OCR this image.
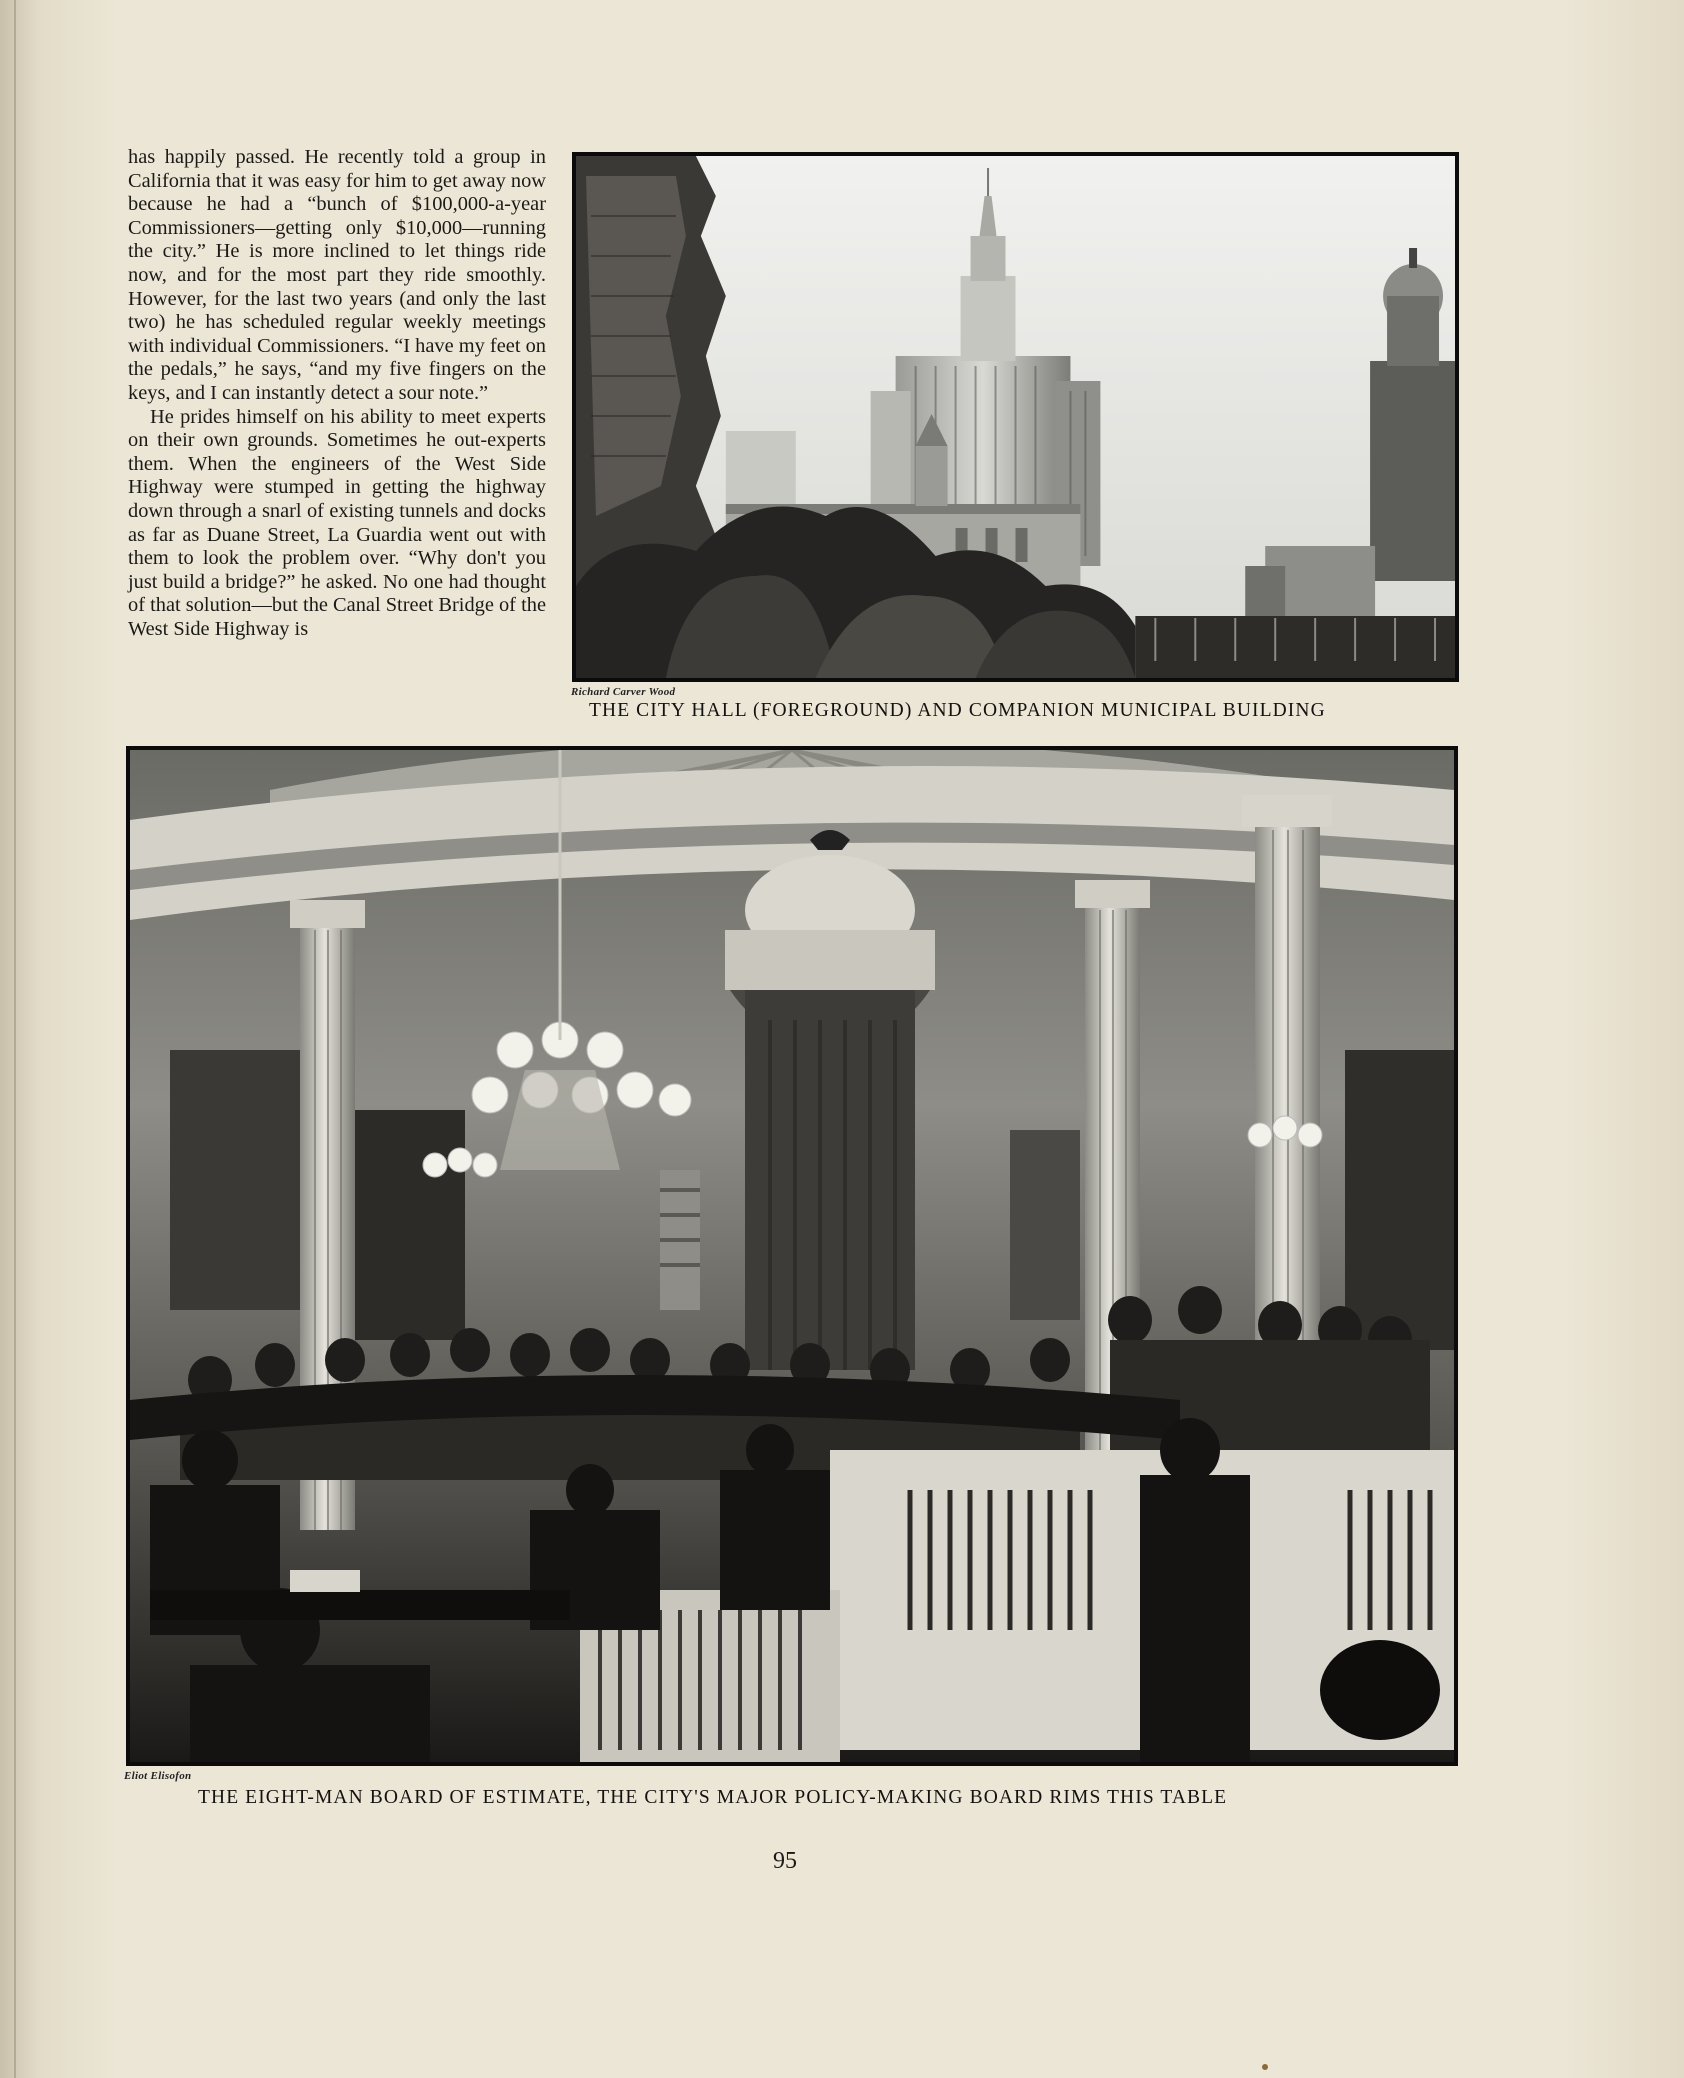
has happily passed. He recently told a group in California that it was easy for him to get away now because he had a “bunch of $100,000-a-year Commissioners—getting only $10,000—running the city.” He is more inclined to let things ride now, and for the most part they ride smoothly. However, for the last two years (and only the last two) he has scheduled regular weekly meetings with individual Commissioners. “I have my feet on the pedals,” he says, “and my five fingers on the keys, and I can instantly detect a sour note.”

He prides himself on his ability to meet experts on their own grounds. Sometimes he out-experts them. When the engineers of the West Side Highway were stumped in getting the highway down through a snarl of existing tunnels and docks as far as Duane Street, La Guardia went out with them to look the problem over. “Why don't you just build a bridge?” he asked. No one had thought of that solution—but the Canal Street Bridge of the West Side Highway is

Richard Carver Wood
THE CITY HALL (FOREGROUND) AND COMPANION MUNICIPAL BUILDING
Eliot Elisofon
THE EIGHT-MAN BOARD OF ESTIMATE, THE CITY'S MAJOR POLICY-MAKING BOARD RIMS THIS TABLE
95
